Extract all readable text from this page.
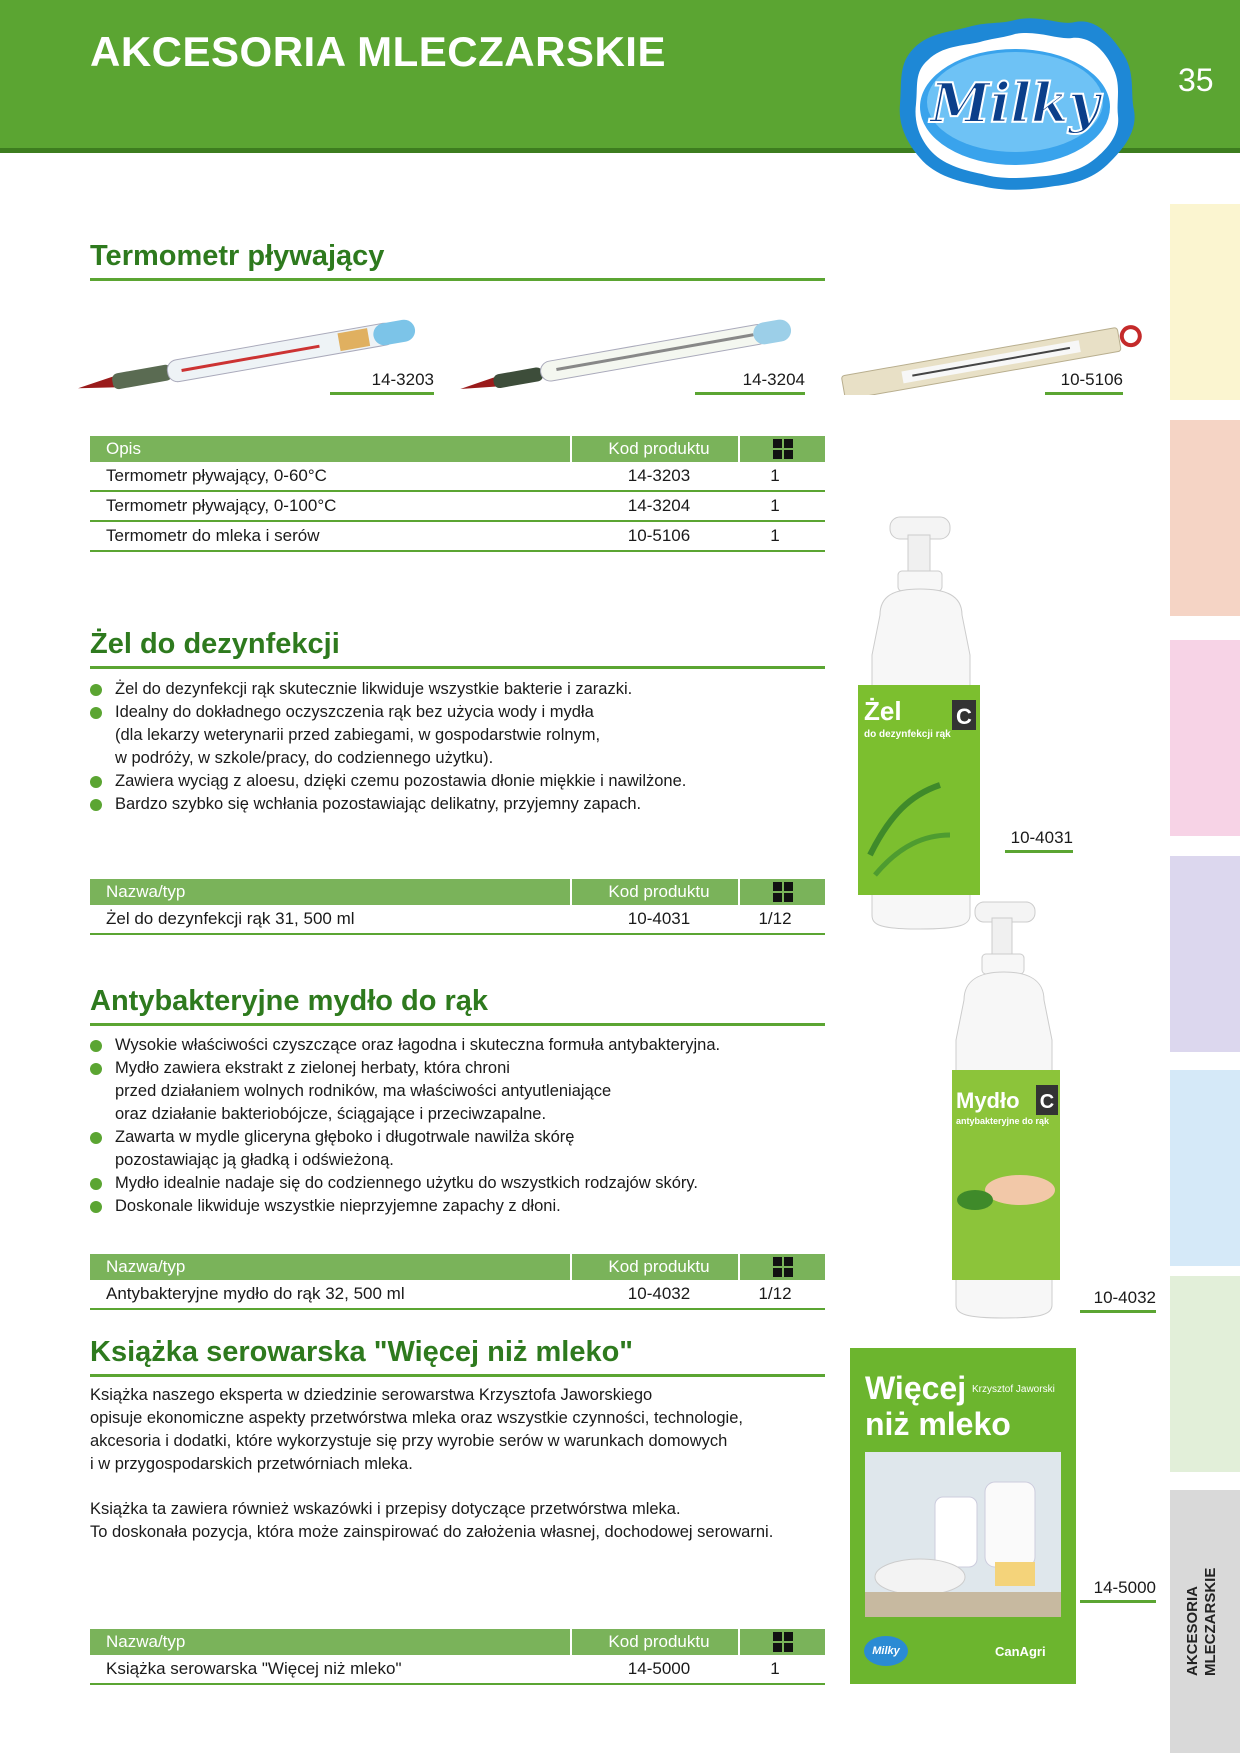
AKCESORIA MLECZARSKIE
35
Milky
AKCESORIA MLECZARSKIE
Termometr pływający
14-3203	14-3204	10-5106
Opis	Kod produktu
Termometr pływający, 0-60°C	14-3203	1
Termometr pływający, 0-100°C	14-3204	1
Termometr do mleka i serów	10-5106	1
Żel do dezynfekcji
Żel do dezynfekcji rąk skutecznie likwiduje wszystkie bakterie i zarazki.
Idealny do dokładnego oczyszczenia rąk bez użycia wody i mydła
(dla lekarzy weterynarii przed zabiegami, w gospodarstwie rolnym,
w podróży, w szkole/pracy, do codziennego użytku).
Zawiera wyciąg z aloesu, dzięki czemu pozostawia dłonie miękkie i nawilżone.
Bardzo szybko się wchłania pozostawiając delikatny, przyjemny zapach.
C
Żel
do dezynfekcji rąk
10-4031
Nazwa/typ	Kod produktu
Żel do dezynfekcji rąk 31, 500 ml	10-4031	1/12
Antybakteryjne mydło do rąk
Wysokie właściwości czyszczące oraz łagodna i skuteczna formuła antybakteryjna.
Mydło zawiera ekstrakt z zielonej herbaty, która chroni
przed działaniem wolnych rodników, ma właściwości antyutleniające
oraz działanie bakteriobójcze, ściągające i przeciwzapalne.
Zawarta w mydle gliceryna głęboko i długotrwale nawilża skórę
pozostawiając ją gładką i odświeżoną.
Mydło idealnie nadaje się do codziennego użytku do wszystkich rodzajów skóry.
Doskonale likwiduje wszystkie nieprzyjemne zapachy z dłoni.
C
Mydło
antybakteryjne do rąk
10-4032
Nazwa/typ	Kod produktu
Antybakteryjne mydło do rąk 32, 500 ml	10-4032	1/12
Książka serowarska "Więcej niż mleko"
Książka naszego eksperta w dziedzinie serowarstwa Krzysztofa Jaworskiego
opisuje ekonomiczne aspekty przetwórstwa mleka oraz wszystkie czynności, technologie,
akcesoria i dodatki, które wykorzystuje się przy wyrobie serów w warunkach domowych
i w przygospodarskich przetwórniach mleka.
Książka ta zawiera również wskazówki i przepisy dotyczące przetwórstwa mleka.
To doskonała pozycja, która może zainspirować do założenia własnej, dochodowej serowarni.
Więcej
niż mleko
Krzysztof Jaworski
Milky	CanAgri
14-5000
Nazwa/typ	Kod produktu
Książka serowarska "Więcej niż mleko"	14-5000	1
